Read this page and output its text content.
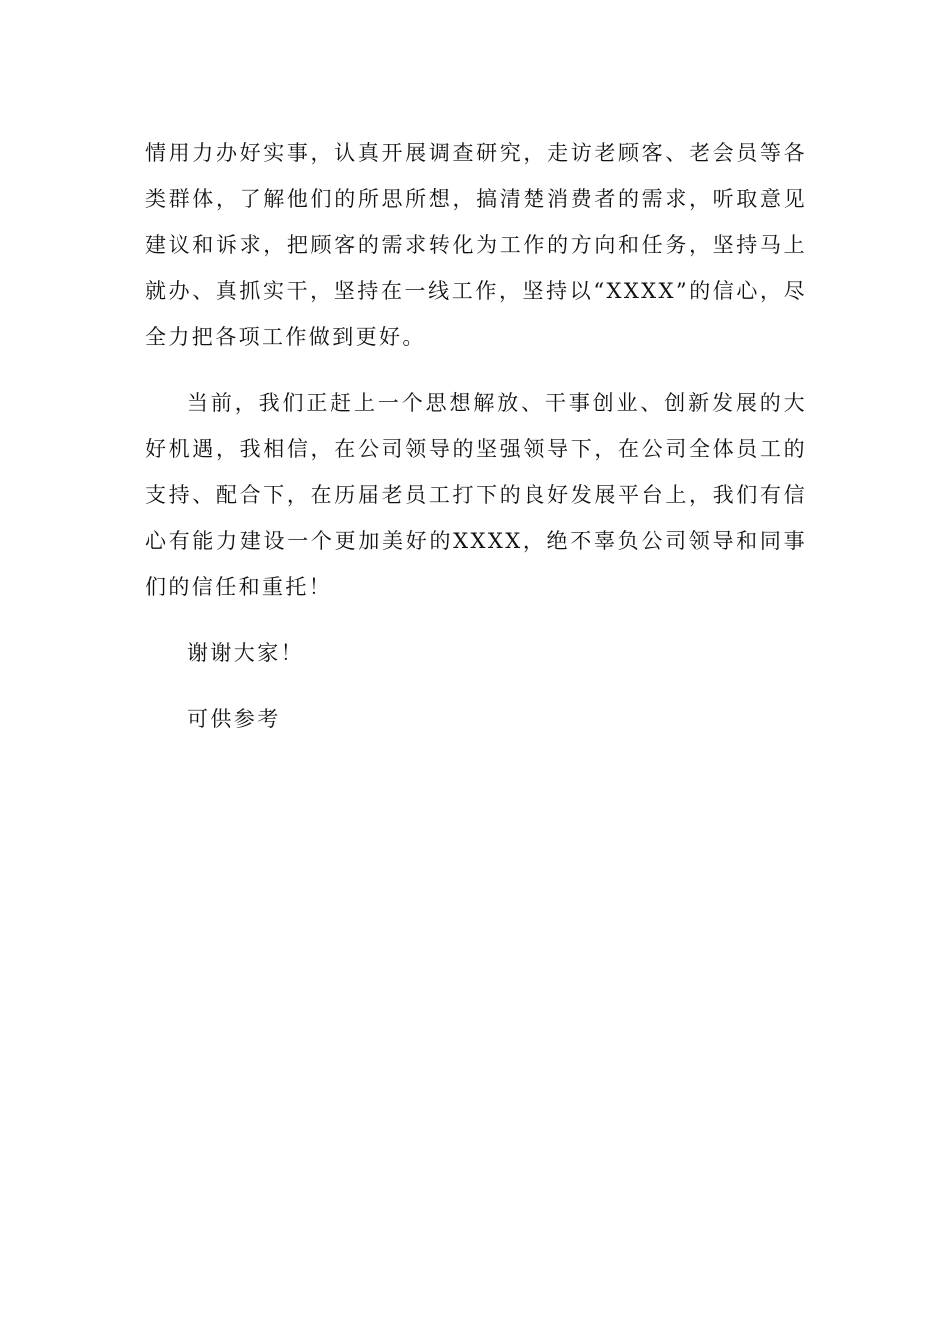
情用力办好实事，认真开展调查研究，走访老顾客、老会员等各类群体，了解他们的所思所想，搞清楚消费者的需求，听取意见建议和诉求，把顾客的需求转化为工作的方向和任务，坚持马上就办、真抓实干，坚持在一线工作，坚持以“XXXX”的信心，尽全力把各项工作做到更好。

当前，我们正赶上一个思想解放、干事创业、创新发展的大好机遇，我相信，在公司领导的坚强领导下，在公司全体员工的支持、配合下，在历届老员工打下的良好发展平台上，我们有信心有能力建设一个更加美好的XXXX，绝不辜负公司领导和同事们的信任和重托！

谢谢大家！

可供参考
